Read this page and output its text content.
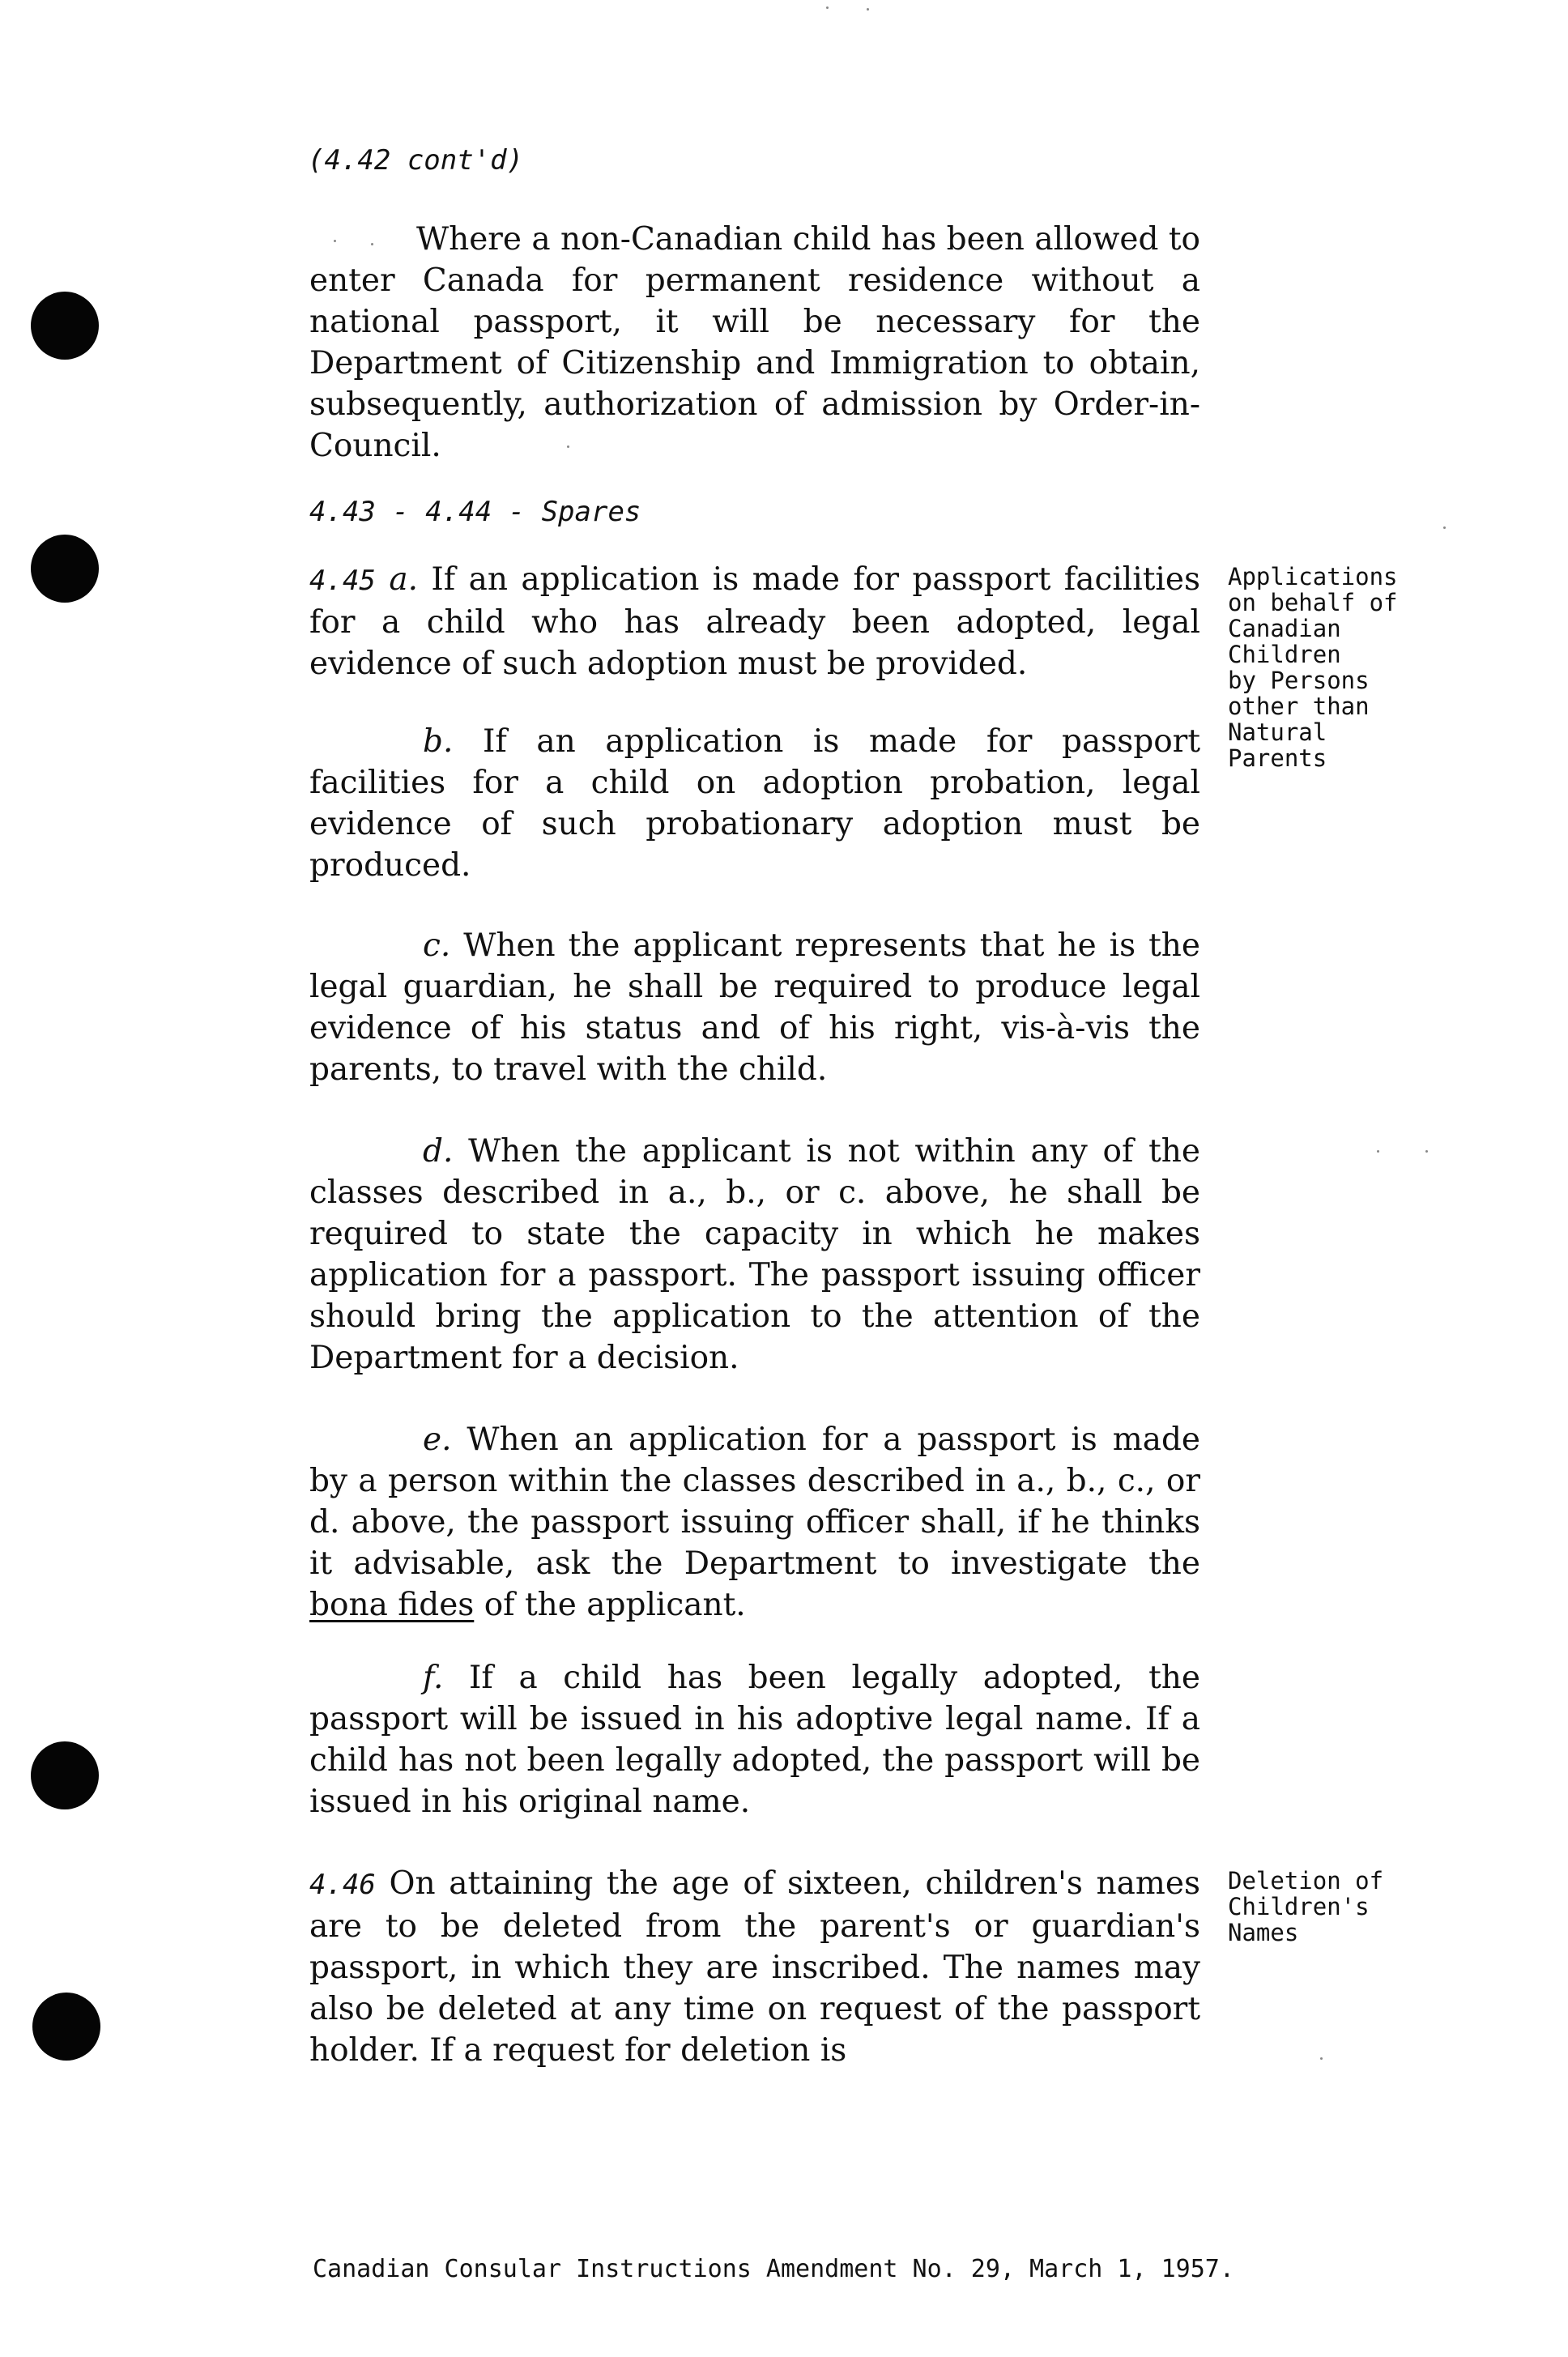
(4.42 cont'd)
Where a non-Canadian child has been allowed to enter Canada for permanent residence without a national passport, it will be necessary for the Department of Citizenship and Immigration to obtain, subsequently, authorization of admission by Order-in-Council.
4.43 - 4.44 - Spares
4.45 a. If an application is made for passport facilities for a child who has already been adopted, legal evidence of such adoption must be provided.
Applications
on behalf of
Canadian
Children
by Persons
other than
Natural
Parents
b. If an application is made for passport facilities for a child on adoption probation, legal evidence of such probationary adoption must be produced.
c. When the applicant represents that he is the legal guardian, he shall be required to produce legal evidence of his status and of his right, vis-à-vis the parents, to travel with the child.
d. When the applicant is not within any of the classes described in a., b., or c. above, he shall be required to state the capacity in which he makes application for a passport. The passport issuing officer should bring the application to the attention of the Department for a decision.
e. When an application for a passport is made by a person within the classes described in a., b., c., or d. above, the passport issuing officer shall, if he thinks it advisable, ask the Department to investigate the bona fides of the applicant.
f. If a child has been legally adopted, the passport will be issued in his adoptive legal name. If a child has not been legally adopted, the passport will be issued in his original name.
4.46 On attaining the age of sixteen, children's names are to be deleted from the parent's or guardian's passport, in which they are inscribed. The names may also be deleted at any time on request of the passport holder. If a request for deletion is
Deletion of
Children's
Names
Canadian Consular Instructions Amendment No. 29, March 1, 1957.
